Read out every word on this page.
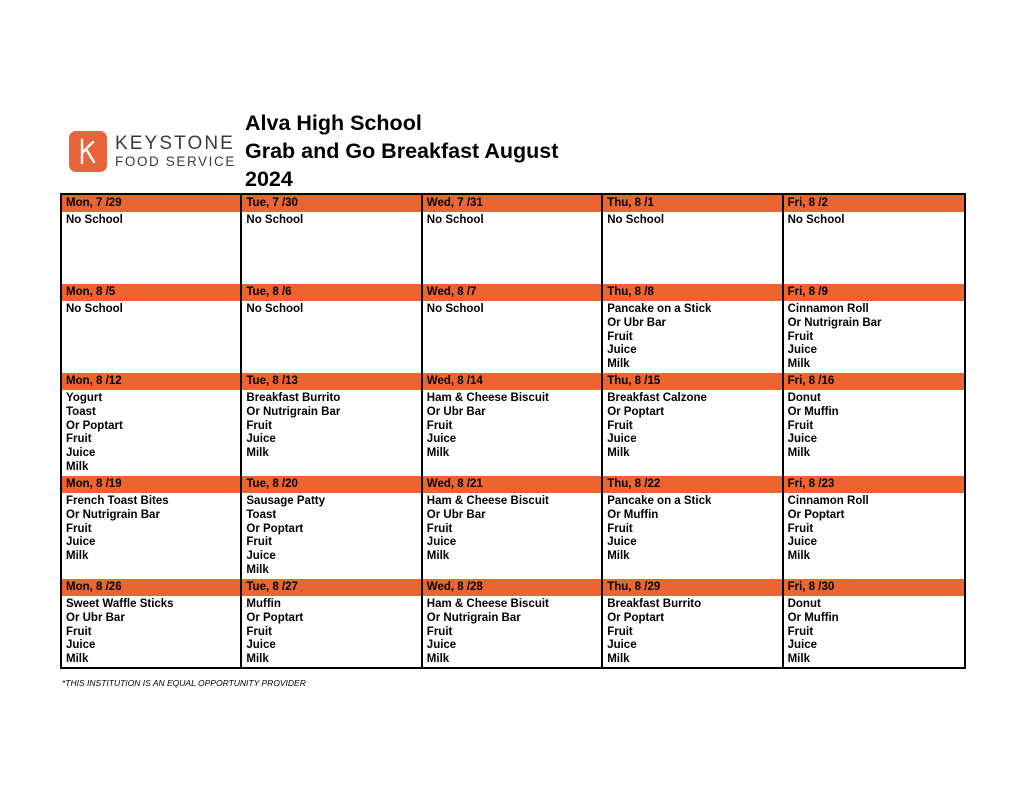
KEYSTONE
FOOD SERVICE
Alva High School
Grab and Go Breakfast August
2024
Mon, 7 /29
No School
Tue, 7 /30
No School
Wed, 7 /31
No School
Thu, 8 /1
No School
Fri, 8 /2
No School
Mon, 8 /5
No School
Tue, 8 /6
No School
Wed, 8 /7
No School
Thu, 8 /8
Pancake on a Stick
Or Ubr Bar
Fruit
Juice
Milk
Fri, 8 /9
Cinnamon Roll
Or Nutrigrain Bar
Fruit
Juice
Milk
Mon, 8 /12
Yogurt
Toast
Or Poptart
Fruit
Juice
Milk
Tue, 8 /13
Breakfast Burrito
Or Nutrigrain Bar
Fruit
Juice
Milk
Wed, 8 /14
Ham & Cheese Biscuit
Or Ubr Bar
Fruit
Juice
Milk
Thu, 8 /15
Breakfast Calzone
Or Poptart
Fruit
Juice
Milk
Fri, 8 /16
Donut
Or Muffin
Fruit
Juice
Milk
Mon, 8 /19
French Toast Bites
Or Nutrigrain Bar
Fruit
Juice
Milk
Tue, 8 /20
Sausage Patty
Toast
Or Poptart
Fruit
Juice
Milk
Wed, 8 /21
Ham & Cheese Biscuit
Or Ubr Bar
Fruit
Juice
Milk
Thu, 8 /22
Pancake on a Stick
Or Muffin
Fruit
Juice
Milk
Fri, 8 /23
Cinnamon Roll
Or Poptart
Fruit
Juice
Milk
Mon, 8 /26
Sweet Waffle Sticks
Or Ubr Bar
Fruit
Juice
Milk
Tue, 8 /27
Muffin
Or Poptart
Fruit
Juice
Milk
Wed, 8 /28
Ham & Cheese Biscuit
Or Nutrigrain Bar
Fruit
Juice
Milk
Thu, 8 /29
Breakfast Burrito
Or Poptart
Fruit
Juice
Milk
Fri, 8 /30
Donut
Or Muffin
Fruit
Juice
Milk
*THIS INSTITUTION IS AN EQUAL OPPORTUNITY PROVIDER
